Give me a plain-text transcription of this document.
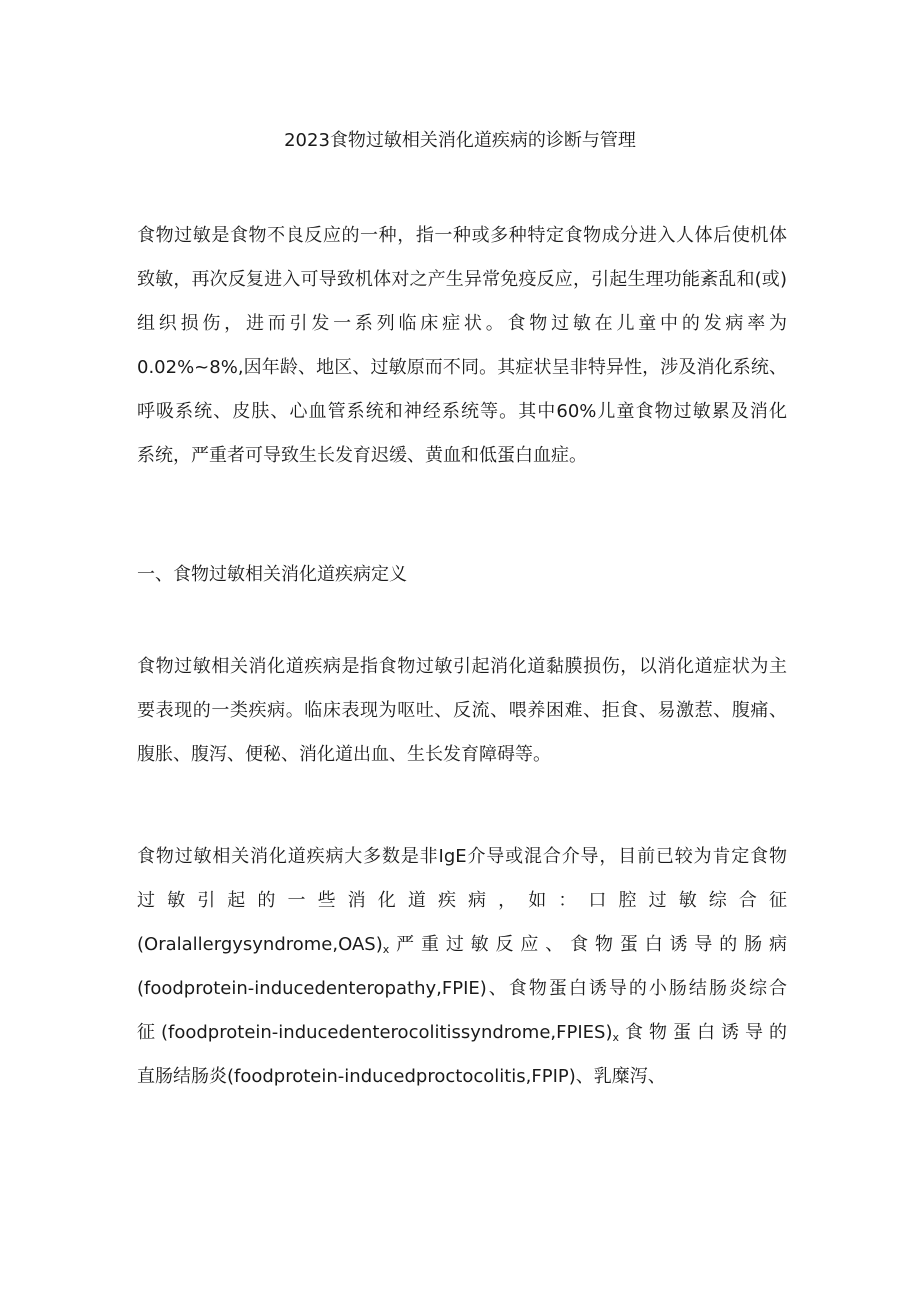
2023食物过敏相关消化道疾病的诊断与管理
食物过敏是食物不良反应的一种，指一种或多种特定食物成分进入人体后使机体
致敏，再次反复进入可导致机体对之产生异常免疫反应，引起生理功能紊乱和(或)
组织损伤，进而引发一系列临床症状。食物过敏在儿童中的发病率为
0.02%~8%,因年龄、地区、过敏原而不同。其症状呈非特异性，涉及消化系统、
呼吸系统、皮肤、心血管系统和神经系统等。其中60%儿童食物过敏累及消化
系统，严重者可导致生长发育迟缓、黄血和低蛋白血症。
一、食物过敏相关消化道疾病定义
食物过敏相关消化道疾病是指食物过敏引起消化道黏膜损伤，以消化道症状为主
要表现的一类疾病。临床表现为呕吐、反流、喂养困难、拒食、易激惹、腹痛、
腹胀、腹泻、便秘、消化道出血、生长发育障碍等。
食物过敏相关消化道疾病大多数是非IgE介导或混合介导，目前已较为肯定食物
过敏引起的一些消化道疾病，如：口腔过敏综合征
$(Oralallergysyndrome,OAS)_x$严重过敏反应、食物蛋白诱导的肠病
(foodprotein-inducedenteropathy,FPIE)、食物蛋白诱导的小肠结肠炎综合
征$(foodprotein-inducedenterocolitissyndrome,FPIES)_x$食物蛋白诱导的
直肠结肠炎(foodprotein-inducedproctocolitis,FPIP)、乳糜泻、
